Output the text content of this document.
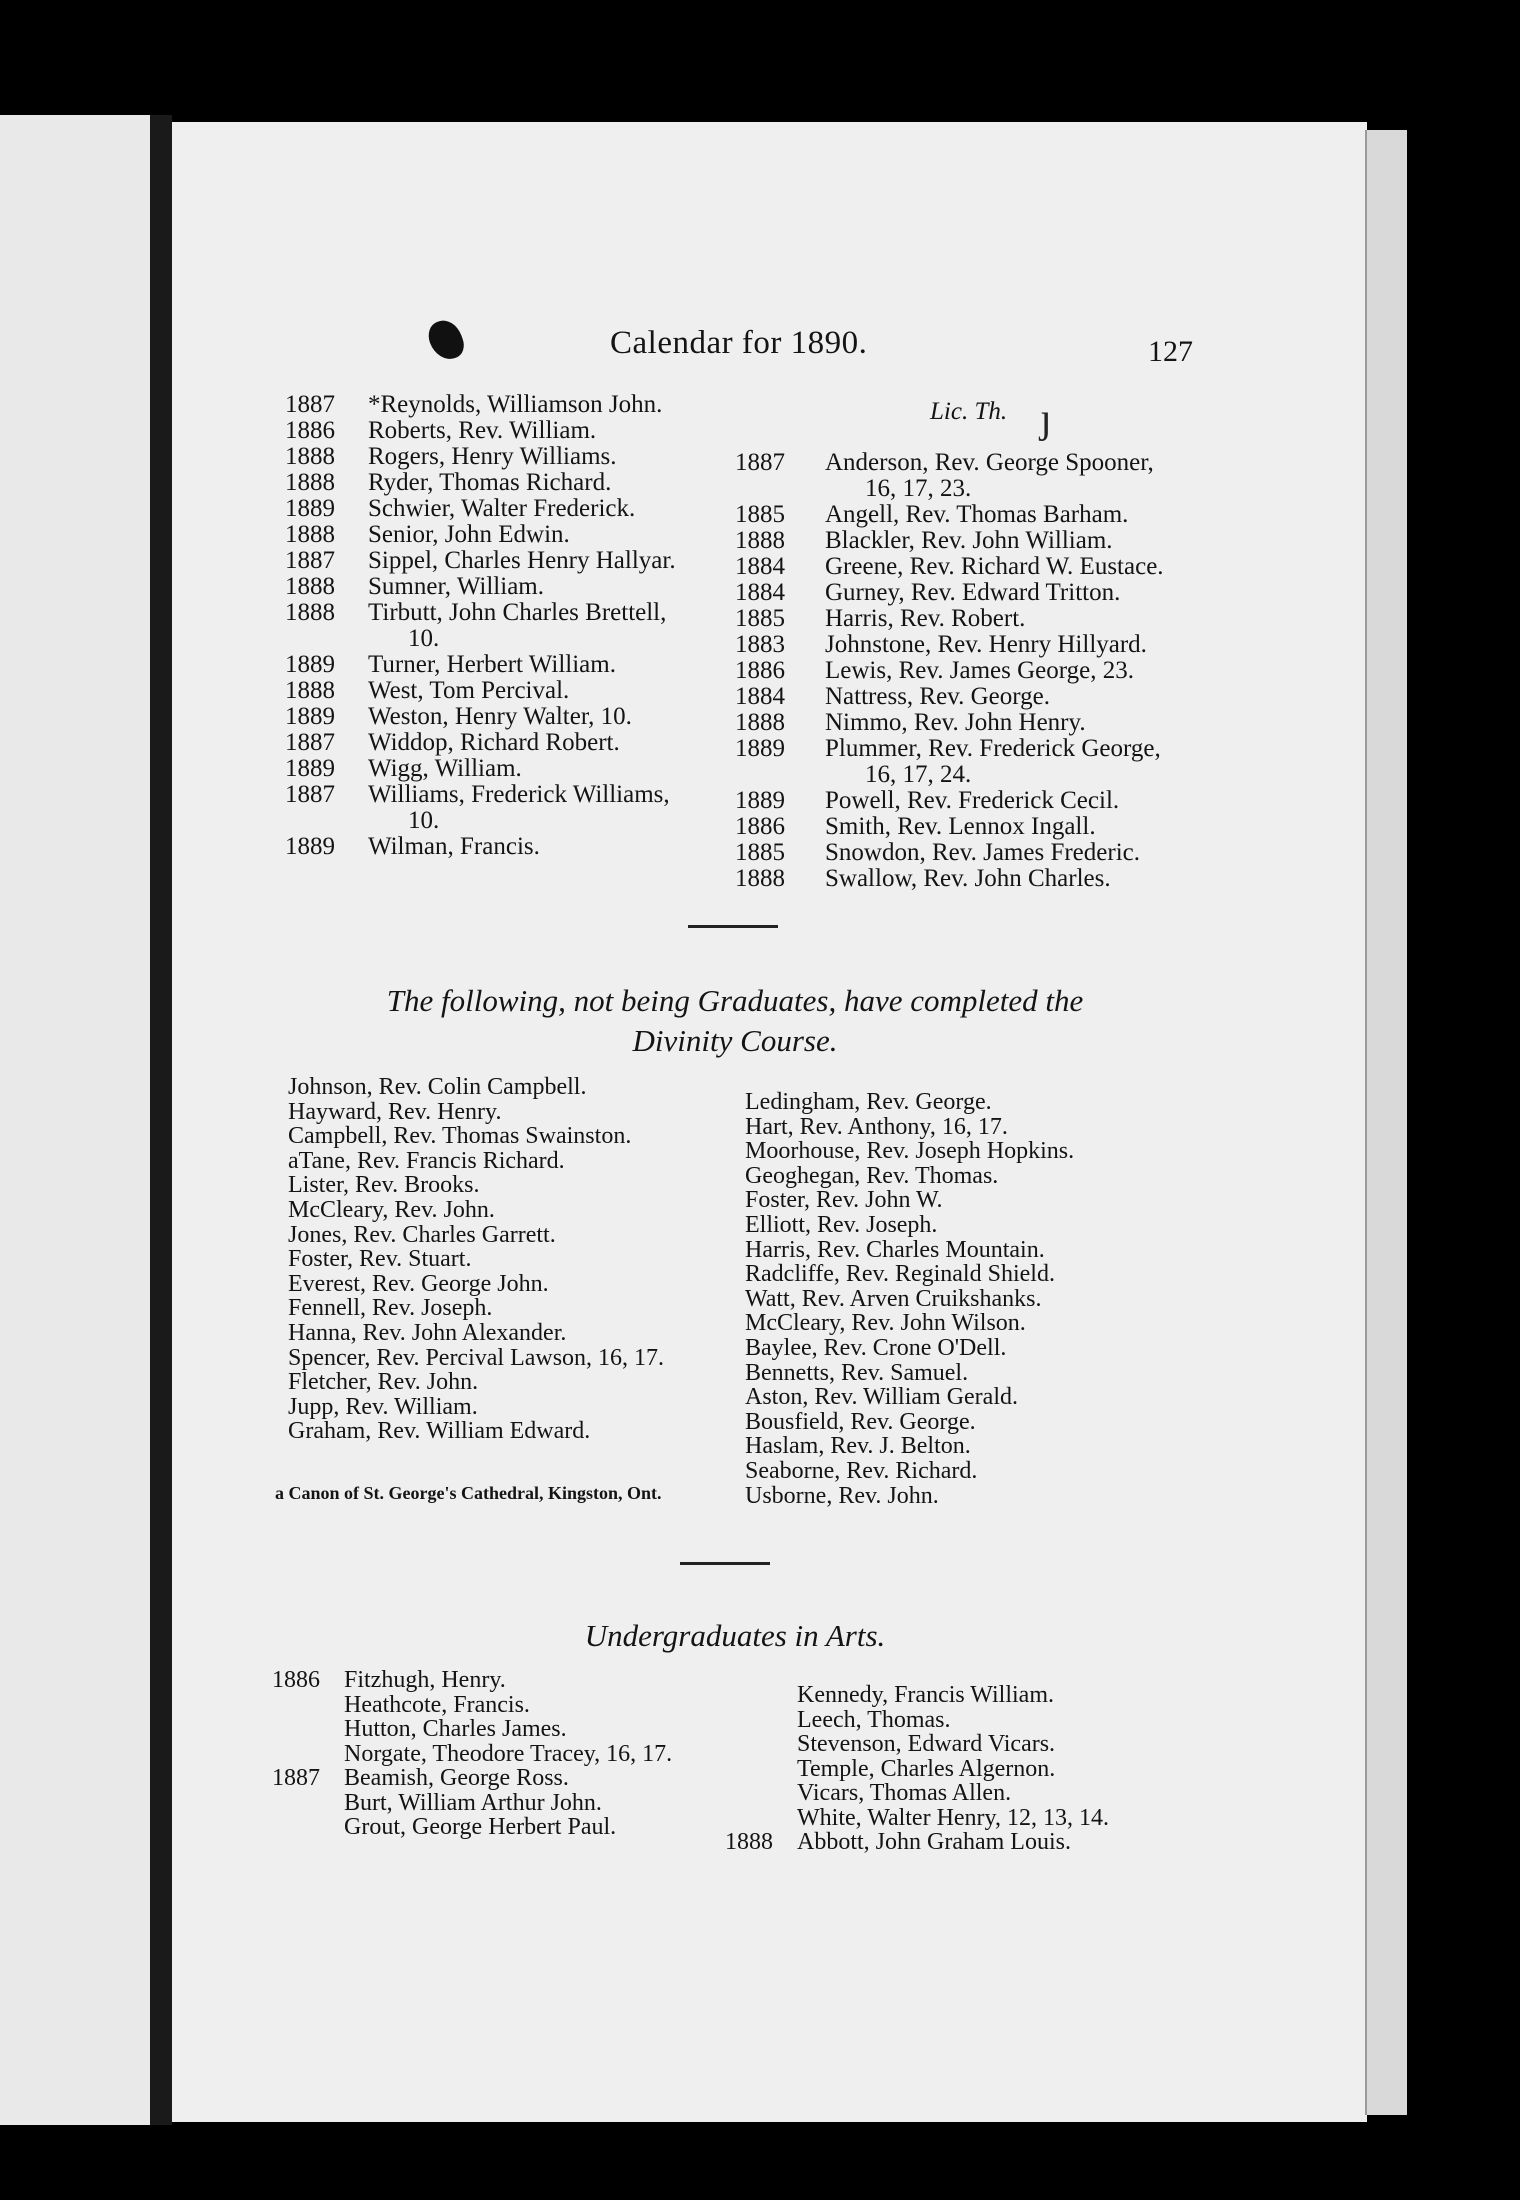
Calendar for 1890.	127
1887 *Reynolds, Williamson John.
1886 Roberts, Rev. William.
1888 Rogers, Henry Williams.
1888 Ryder, Thomas Richard.
1889 Schwier, Walter Frederick.
1888 Senior, John Edwin.
1887 Sippel, Charles Henry Hallyar.
1888 Sumner, William.
1888 Tirbutt, John Charles Brettell,
10.
1889 Turner, Herbert William.
1888 West, Tom Percival.
1889 Weston, Henry Walter, 10.
1887 Widdop, Richard Robert.
1889 Wigg, William.
1887 Williams, Frederick Williams,
10.
1889 Wilman, Francis.
Lic. Th. ȷ
1887 Anderson, Rev. George Spooner,
16, 17, 23.
1885 Angell, Rev. Thomas Barham.
1888 Blackler, Rev. John William.
1884 Greene, Rev. Richard W. Eustace.
1884 Gurney, Rev. Edward Tritton.
1885 Harris, Rev. Robert.
1883 Johnstone, Rev. Henry Hillyard.
1886 Lewis, Rev. James George, 23.
1884 Nattress, Rev. George.
1888 Nimmo, Rev. John Henry.
1889 Plummer, Rev. Frederick George,
16, 17, 24.
1889 Powell, Rev. Frederick Cecil.
1886 Smith, Rev. Lennox Ingall.
1885 Snowdon, Rev. James Frederic.
1888 Swallow, Rev. John Charles.
The following, not being Graduates, have completed the
Divinity Course.
Johnson, Rev. Colin Campbell.
Hayward, Rev. Henry.
Campbell, Rev. Thomas Swainston.
aTane, Rev. Francis Richard.
Lister, Rev. Brooks.
McCleary, Rev. John.
Jones, Rev. Charles Garrett.
Foster, Rev. Stuart.
Everest, Rev. George John.
Fennell, Rev. Joseph.
Hanna, Rev. John Alexander.
Spencer, Rev. Percival Lawson, 16, 17.
Fletcher, Rev. John.
Jupp, Rev. William.
Graham, Rev. William Edward.
Ledingham, Rev. George.
Hart, Rev. Anthony, 16, 17.
Moorhouse, Rev. Joseph Hopkins.
Geoghegan, Rev. Thomas.
Foster, Rev. John W.
Elliott, Rev. Joseph.
Harris, Rev. Charles Mountain.
Radcliffe, Rev. Reginald Shield.
Watt, Rev. Arven Cruikshanks.
McCleary, Rev. John Wilson.
Baylee, Rev. Crone O'Dell.
Bennetts, Rev. Samuel.
Aston, Rev. William Gerald.
Bousfield, Rev. George.
Haslam, Rev. J. Belton.
Seaborne, Rev. Richard.
Usborne, Rev. John.
a Canon of St. George's Cathedral, Kingston, Ont.
Undergraduates in Arts.
1886 Fitzhugh, Henry.
Heathcote, Francis.
Hutton, Charles James.
Norgate, Theodore Tracey, 16, 17.
1887 Beamish, George Ross.
Burt, William Arthur John.
Grout, George Herbert Paul.
Kennedy, Francis William.
Leech, Thomas.
Stevenson, Edward Vicars.
Temple, Charles Algernon.
Vicars, Thomas Allen.
White, Walter Henry, 12, 13, 14.
1888 Abbott, John Graham Louis.
